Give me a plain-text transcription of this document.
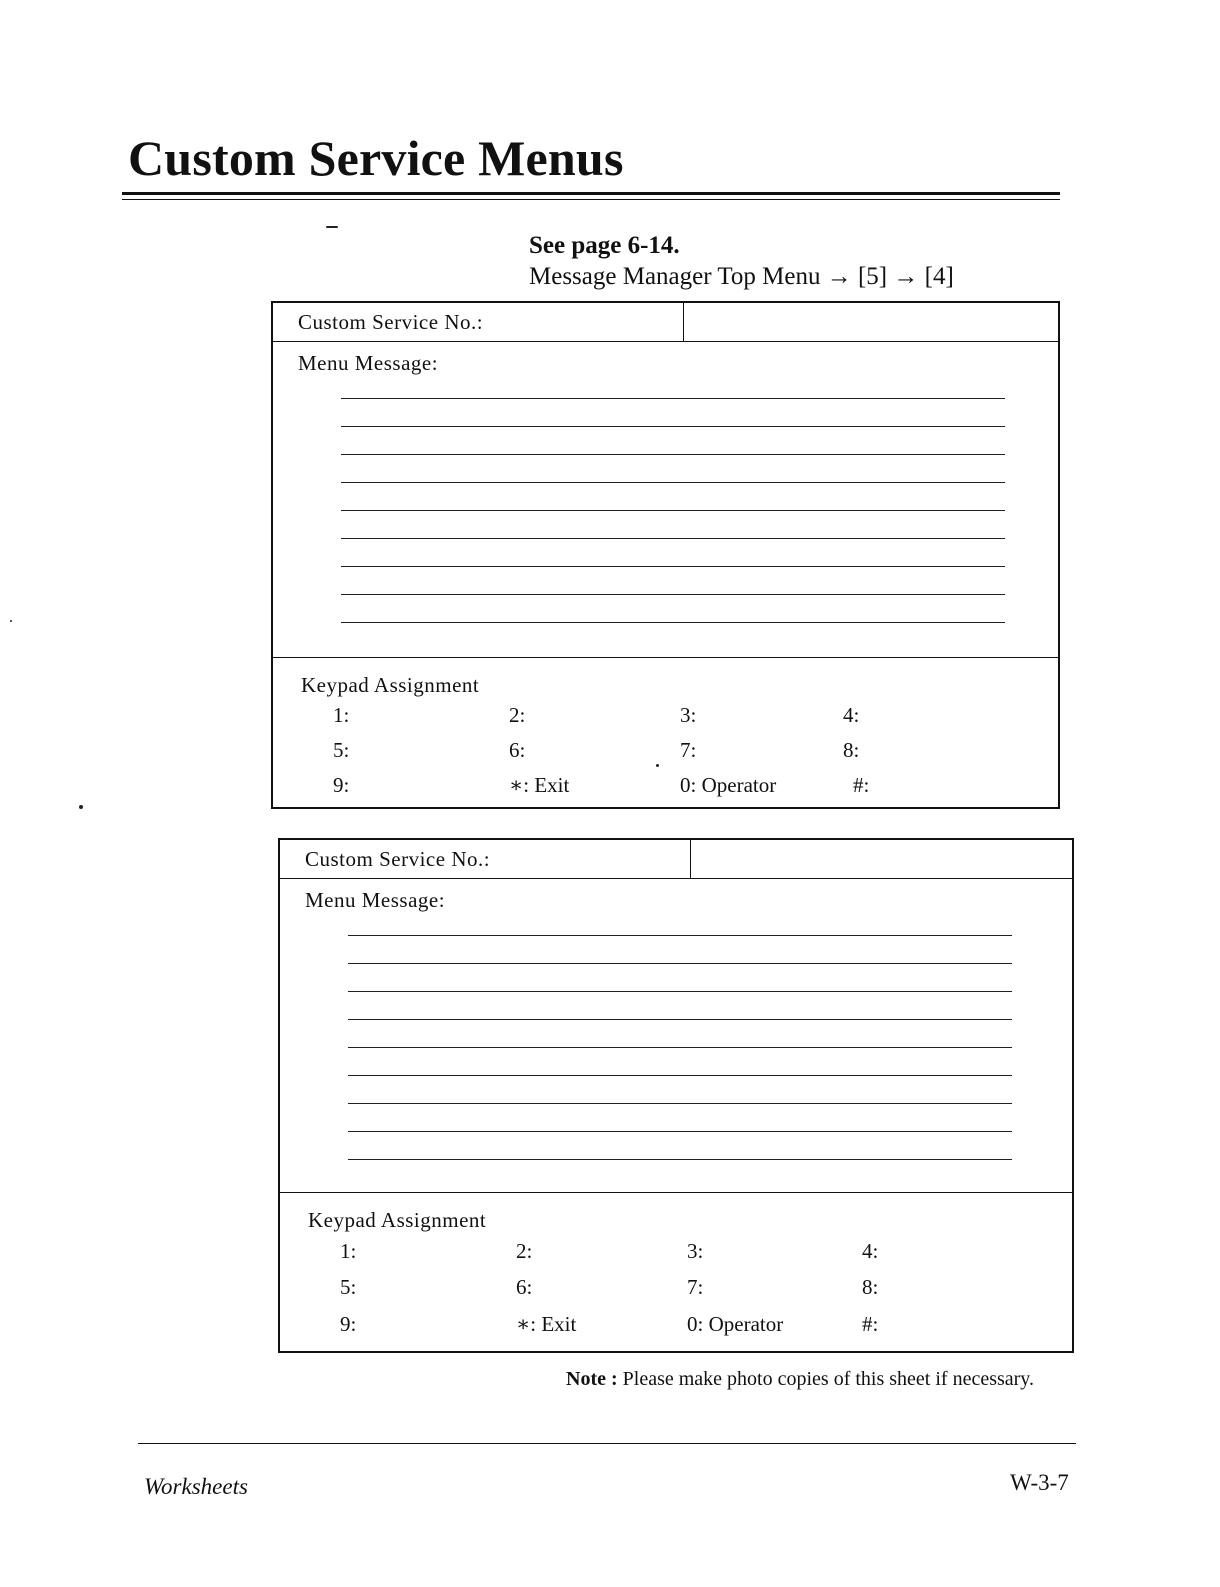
Custom Service Menus
See page 6-14.
Message Manager Top Menu → [5] → [4]
Custom Service No.:
Menu Message:
Keypad Assignment
1:	2:	3:	4:
5:	6:	7:	8:
9:	∗: Exit	0: Operator	#:
Custom Service No.:
Menu Message:
Keypad Assignment
1:	2:	3:	4:
5:	6:	7:	8:
9:	∗: Exit	0: Operator	#:
Note : Please make photo copies of this sheet if necessary.
Worksheets	W-3-7
